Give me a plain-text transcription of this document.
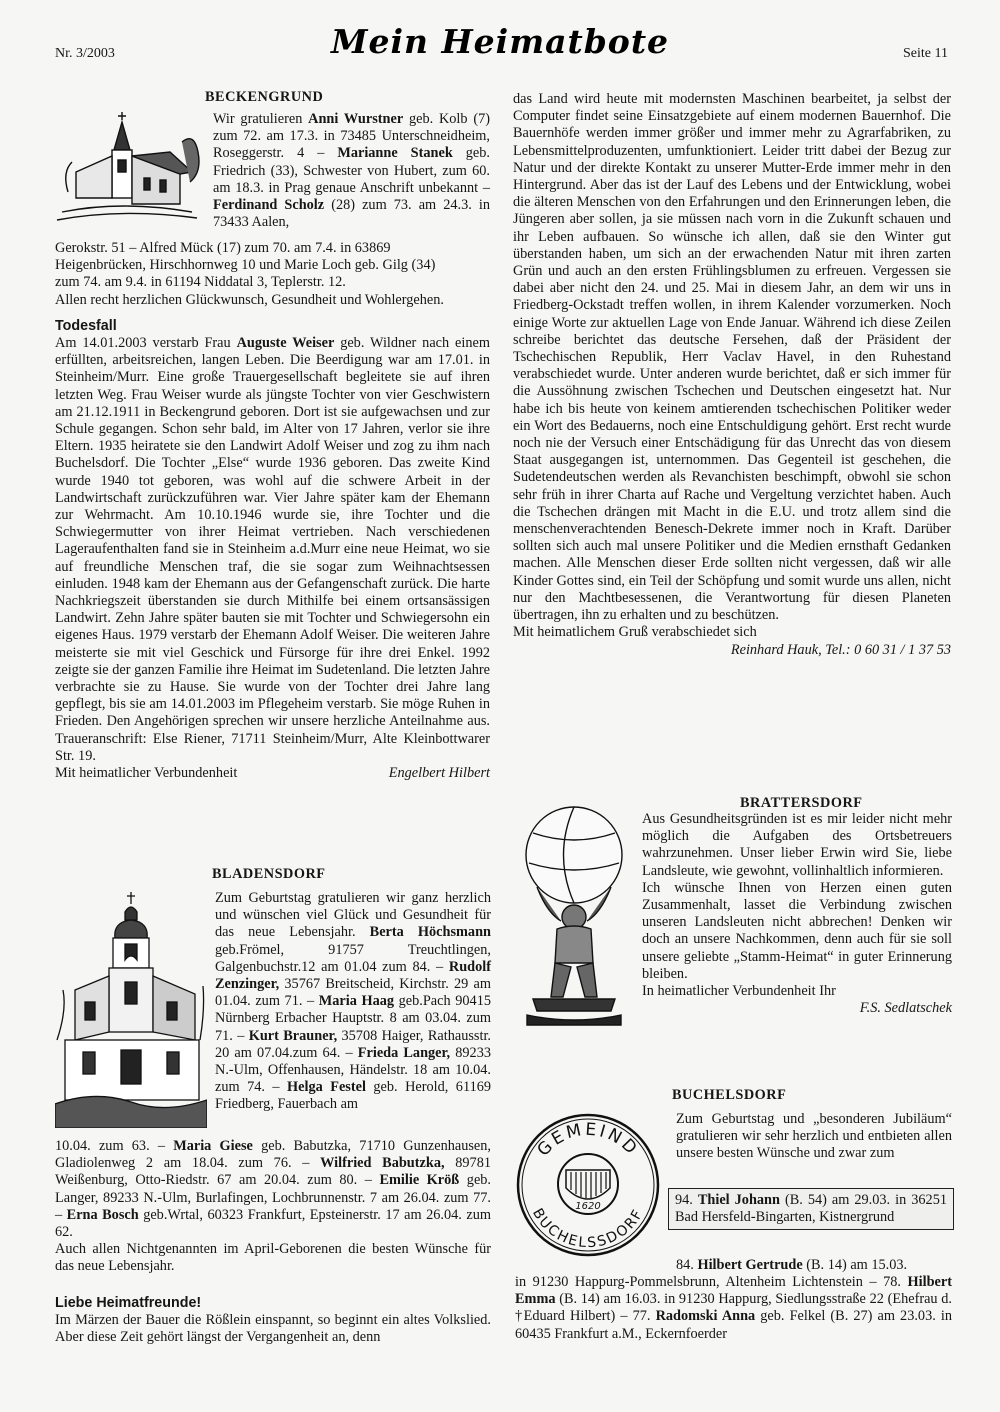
Nr. 3/2003	Mein Heimatbote	Seite 11
BECKENGRUND

Wir gratulieren Anni Wurstner geb. Kolb (7) zum 72. am 17.3. in 73485 Unterschneidheim, Roseggerstr. 4 – Marianne Stanek geb. Friedrich (33), Schwester von Hubert, zum 60. am 18.3. in Prag genaue Anschrift unbekannt – Ferdinand Scholz (28) zum 73. am 24.3. in 73433 Aalen,

Gerokstr. 51 – Alfred Mück (17) zum 70. am 7.4. in 63869
Heigenbrücken, Hirschhornweg 10 und Marie Loch geb. Gilg (34)
zum 74. am 9.4. in 61194 Niddatal 3, Teplerstr. 12.
Allen recht herzlichen Glückwunsch, Gesundheit und Wohlergehen.
Todesfall

Am 14.01.2003 verstarb Frau Auguste Weiser geb. Wildner nach einem erfüllten, arbeitsreichen, langen Leben. Die Beerdigung war am 17.01. in Steinheim/Murr. Eine große Trauergesellschaft begleitete sie auf ihren letzten Weg. Frau Weiser wurde als jüngste Tochter von vier Geschwistern am 21.12.1911 in Beckengrund geboren. Dort ist sie aufgewachsen und zur Schule gegangen. Schon sehr bald, im Alter von 17 Jahren, verlor sie ihre Eltern. 1935 heiratete sie den Landwirt Adolf Weiser und zog zu ihm nach Buchelsdorf. Die Tochter „Else“ wurde 1936 geboren. Das zweite Kind wurde 1940 tot geboren, was wohl auf die schwere Arbeit in der Landwirtschaft zurückzuführen war. Vier Jahre später kam der Ehemann zur Wehrmacht. Am 10.10.1946 wurde sie, ihre Tochter und die Schwiegermutter von ihrer Heimat vertrieben. Nach verschiedenen Lageraufenthalten fand sie in Steinheim a.d.Murr eine neue Heimat, wo sie auf freundliche Menschen traf, die sie sogar zum Weihnachtsessen einluden. 1948 kam der Ehemann aus der Gefangenschaft zurück. Die harte Nachkriegszeit überstanden sie durch Mithilfe bei einem ortsansässigen Landwirt. Zehn Jahre später bauten sie mit Tochter und Schwiegersohn ein eigenes Haus. 1979 verstarb der Ehemann Adolf Weiser. Die weiteren Jahre meisterte sie mit viel Geschick und Fürsorge für ihre drei Enkel. 1992 zeigte sie der ganzen Familie ihre Heimat im Sudetenland. Die letzten Jahre verbrachte sie zu Hause. Sie wurde von der Tochter drei Jahre lang gepflegt, bis sie am 14.01.2003 im Pflegeheim verstarb. Sie möge Ruhen in Frieden. Den Angehörigen sprechen wir unsere herzliche Anteilnahme aus. Traueranschrift: Else Riener, 71711 Steinheim/Murr, Alte Kleinbottwarer Str. 19.

Mit heimatlicher Verbundenheit	Engelbert Hilbert
BLADENSDORF

Zum Geburtstag gratulieren wir ganz herzlich und wünschen viel Glück und Gesundheit für das neue Lebensjahr. Berta Höchsmann geb.Frömel, 91757 Treuchtlingen, Galgenbuchstr.12 am 01.04 zum 84. – Rudolf Zenzinger, 35767 Breitscheid, Kirchstr. 29 am 01.04. zum 71. – Maria Haag geb.Pach 90415 Nürnberg Erbacher Hauptstr. 8 am 03.04. zum 71. – Kurt Brauner, 35708 Haiger, Rathausstr. 20 am 07.04.zum 64. – Frieda Langer, 89233 N.-Ulm, Offenhausen, Händelstr. 18 am 10.04. zum 74. – Helga Festel geb. Herold, 61169 Friedberg, Fauerbach am

10.04. zum 63. – Maria Giese geb. Babutzka, 71710 Gunzenhausen, Gladiolenweg 2 am 18.04. zum 76. – Wilfried Babutzka, 89781 Weißenburg, Otto-Riedstr. 67 am 20.04. zum 80. – Emilie Kröß geb. Langer, 89233 N.-Ulm, Burlafingen, Lochbrunnenstr. 7 am 26.04. zum 77. – Erna Bosch geb.Wrtal, 60323 Frankfurt, Epsteinerstr. 17 am 26.04. zum 62.

Auch allen Nichtgenannten im April-Geborenen die besten Wünsche für das neue Lebensjahr.

Liebe Heimatfreunde!

Im Märzen der Bauer die Rößlein einspannt, so beginnt ein altes Volkslied. Aber diese Zeit gehört längst der Vergangenheit an, denn

das Land wird heute mit modernsten Maschinen bearbeitet, ja selbst der Computer findet seine Einsatzgebiete auf einem modernen Bauernhof. Die Bauernhöfe werden immer größer und immer mehr zu Agrarfabriken, zu Lebensmittelproduzenten, umfunktioniert. Leider tritt dabei der Bezug zur Natur und der direkte Kontakt zu unserer Mutter-Erde immer mehr in den Hintergrund. Aber das ist der Lauf des Lebens und der Entwicklung, wobei die älteren Menschen von den Erfahrungen und den Erinnerungen leben, die Jüngeren aber sollen, ja sie müssen nach vorn in die Zukunft schauen und ihr Leben aufbauen. So wünsche ich allen, daß sie den Winter gut überstanden haben, um sich an der erwachenden Natur mit ihren zarten Grün und auch an den ersten Frühlingsblumen zu erfreuen. Vergessen sie dabei aber nicht den 24. und 25. Mai in diesem Jahr, an dem wir uns in Friedberg-Ockstadt treffen wollen, in ihrem Kalender vorzumerken. Noch einige Worte zur aktuellen Lage von Ende Januar. Während ich diese Zeilen schreibe berichtet das deutsche Fersehen, daß der Präsident der Tschechischen Republik, Herr Vaclav Havel, in den Ruhestand verabschiedet wurde. Unter anderen wurde berichtet, daß er sich immer für die Aussöhnung zwischen Tschechen und Deutschen eingesetzt hat. Nur habe ich bis heute von keinem amtierenden tschechischen Politiker weder ein Wort des Bedauerns, noch eine Entschuldigung gehört. Erst recht wurde noch nie der Versuch einer Entschädigung für das Unrecht das von diesem Staat ausgegangen ist, unternommen. Das Gegenteil ist geschehen, die Sudetendeutschen werden als Revanchisten beschimpft, obwohl sie schon sehr früh in ihrer Charta auf Rache und Vergeltung verzichtet haben. Auch die Tschechen drängen mit Macht in die E.U. und trotz allem sind die menschenverachtenden Benesch-Dekrete immer noch in Kraft. Darüber sollten sich auch mal unsere Politiker und die Medien ernsthaft Gedanken machen. Alle Menschen dieser Erde sollten nicht vergessen, daß wir alle Kinder Gottes sind, ein Teil der Schöpfung und somit wurde uns allen, nicht nur den Machtbesessenen, die Verantwortung für diesen Planeten übertragen, ihn zu erhalten und zu beschützen.

Mit heimatlichem Gruß verabschiedet sich
Reinhard Hauk, Tel.: 0 60 31 / 1 37 53
BRATTERSDORF

Aus Gesundheitsgründen ist es mir leider nicht mehr möglich die Aufgaben des Ortsbetreuers wahrzunehmen. Unser lieber Erwin wird Sie, liebe Landsleute, wie gewohnt, vollinhaltlich informieren.

Ich wünsche Ihnen von Herzen einen guten Zusammenhalt, lasset die Verbindung zwischen unseren Landsleuten nicht abbrechen! Denken wir doch an unsere Nachkommen, denn auch für sie soll unsere geliebte „Stamm-Heimat“ in guter Erinnerung bleiben.

In heimatlicher Verbundenheit Ihr

F.S. Sedlatschek
BUCHELSDORF
GEMEIND
BUCHELSSDORF
1620
Zum Geburtstag und „besonderen Jubiläum“ gratulieren wir sehr herzlich und entbieten allen unsere besten Wünsche und zwar zum

94. Thiel Johann (B. 54) am 29.03. in 36251 Bad Hersfeld-Bingarten, Kistnergrund

84. Hilbert Gertrude (B. 14) am 15.03.

in 91230 Happurg-Pommelsbrunn, Altenheim Lichtenstein – 78. Hilbert Emma (B. 14) am 16.03. in 91230 Happurg, Siedlungsstraße 22 (Ehefrau d. †Eduard Hilbert) – 77. Radomski Anna geb. Felkel (B. 27) am 23.03. in 60435 Frankfurt a.M., Eckernfoerder
